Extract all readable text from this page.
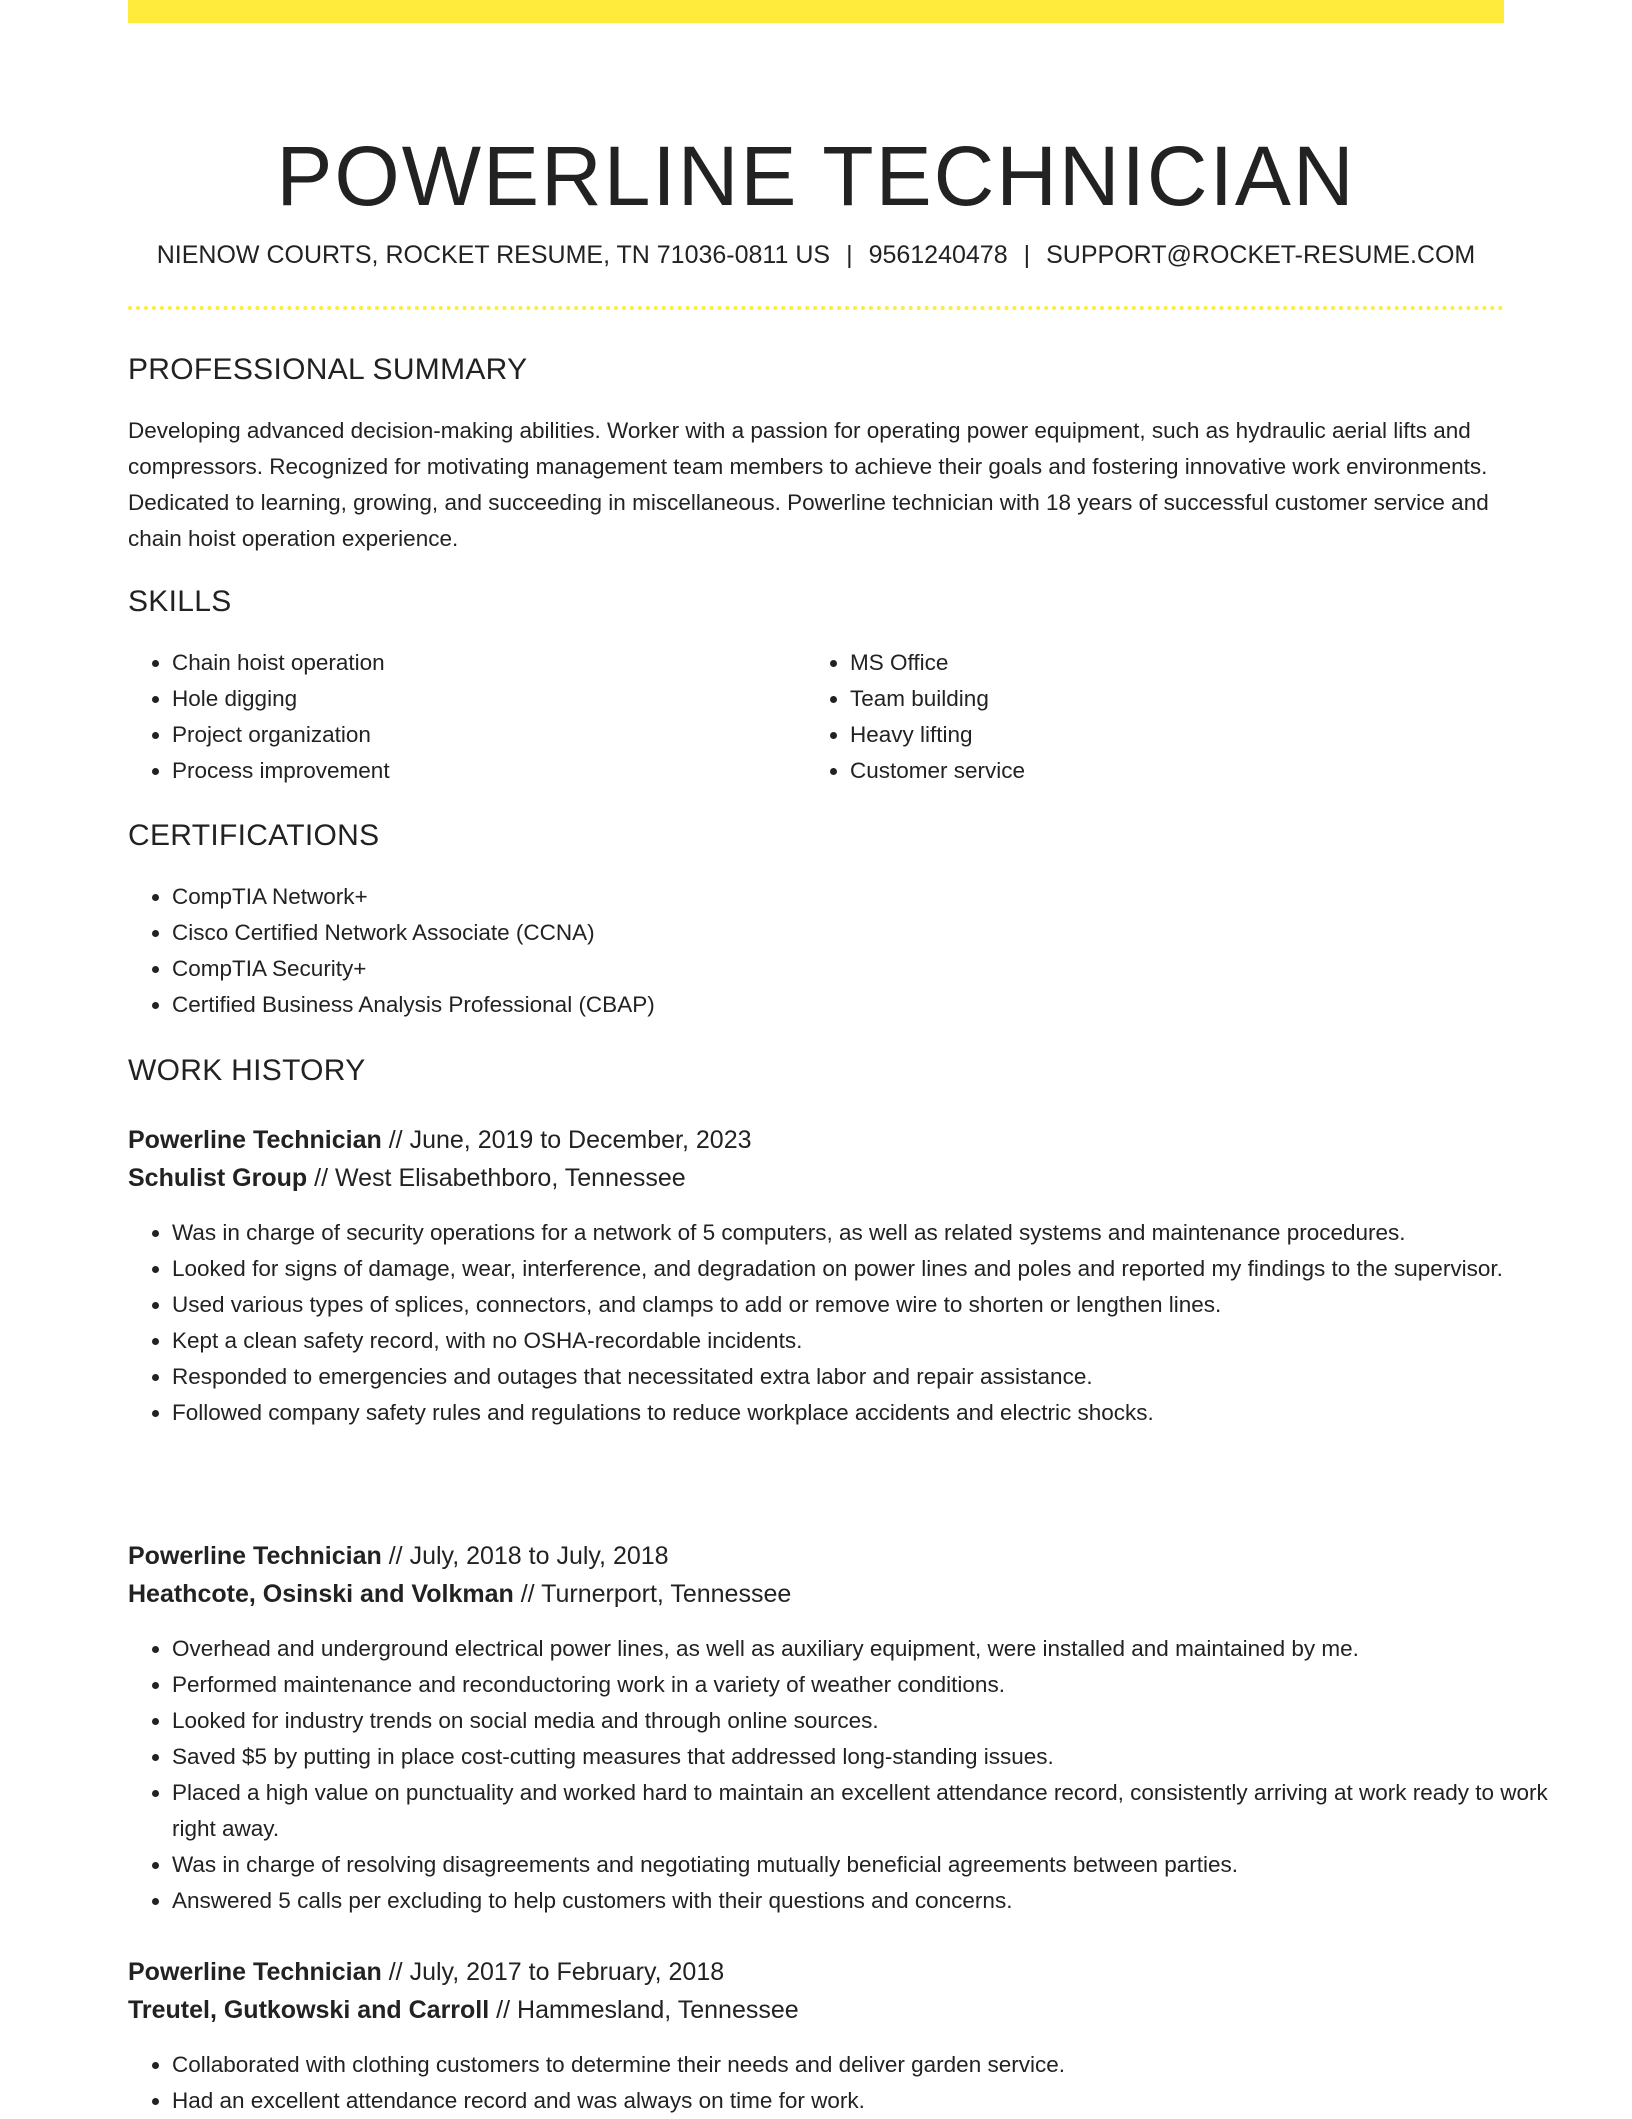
POWERLINE TECHNICIAN
NIENOW COURTS, ROCKET RESUME, TN 71036-0811 US | 9561240478 | SUPPORT@ROCKET-RESUME.COM
PROFESSIONAL SUMMARY

Developing advanced decision-making abilities. Worker with a passion for operating power equipment, such as hydraulic aerial lifts and compressors. Recognized for motivating management team members to achieve their goals and fostering innovative work environments. Dedicated to learning, growing, and succeeding in miscellaneous. Powerline technician with 18 years of successful customer service and chain hoist operation experience.

SKILLS
• Chain hoist operation
• Hole digging
• Project organization
• Process improvement
• MS Office
• Team building
• Heavy lifting
• Customer service
CERTIFICATIONS
• CompTIA Network+
• Cisco Certified Network Associate (CCNA)
• CompTIA Security+
• Certified Business Analysis Professional (CBAP)
WORK HISTORY
Powerline Technician // June, 2019 to December, 2023
Schulist Group // West Elisabethboro, Tennessee
• Was in charge of security operations for a network of 5 computers, as well as related systems and maintenance procedures.
• Looked for signs of damage, wear, interference, and degradation on power lines and poles and reported my findings to the supervisor.
• Used various types of splices, connectors, and clamps to add or remove wire to shorten or lengthen lines.
• Kept a clean safety record, with no OSHA-recordable incidents.
• Responded to emergencies and outages that necessitated extra labor and repair assistance.
• Followed company safety rules and regulations to reduce workplace accidents and electric shocks.
Powerline Technician // July, 2018 to July, 2018
Heathcote, Osinski and Volkman // Turnerport, Tennessee
• Overhead and underground electrical power lines, as well as auxiliary equipment, were installed and maintained by me.
• Performed maintenance and reconductoring work in a variety of weather conditions.
• Looked for industry trends on social media and through online sources.
• Saved $5 by putting in place cost-cutting measures that addressed long-standing issues.
• Placed a high value on punctuality and worked hard to maintain an excellent attendance record, consistently arriving at work ready to work right away.
• Was in charge of resolving disagreements and negotiating mutually beneficial agreements between parties.
• Answered 5 calls per excluding to help customers with their questions and concerns.
Powerline Technician // July, 2017 to February, 2018
Treutel, Gutkowski and Carroll // Hammesland, Tennessee
• Collaborated with clothing customers to determine their needs and deliver garden service.
• Had an excellent attendance record and was always on time for work.
